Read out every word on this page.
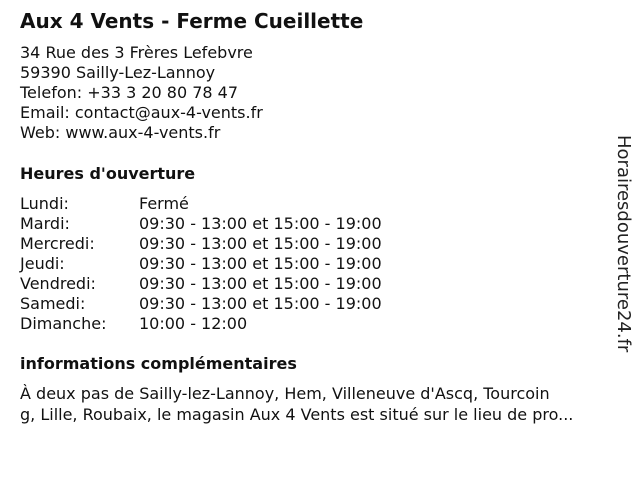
Aux 4 Vents - Ferme Cueillette
34 Rue des 3 Frères Lefebvre
59390 Sailly-Lez-Lannoy
Telefon: +33 3 20 80 78 47
Email: contact@aux-4-vents.fr
Web: www.aux-4-vents.fr
Heures d'ouverture
Lundi:	Fermé
Mardi:	09:30 - 13:00 et 15:00 - 19:00
Mercredi:	09:30 - 13:00 et 15:00 - 19:00
Jeudi:	09:30 - 13:00 et 15:00 - 19:00
Vendredi:	09:30 - 13:00 et 15:00 - 19:00
Samedi:	09:30 - 13:00 et 15:00 - 19:00
Dimanche:	10:00 - 12:00
informations complémentaires
À deux pas de Sailly-lez-Lannoy, Hem, Villeneuve d'Ascq, Tourcoin
g, Lille, Roubaix, le magasin Aux 4 Vents est situé sur le lieu de pro...
Horairesdouverture24.fr
